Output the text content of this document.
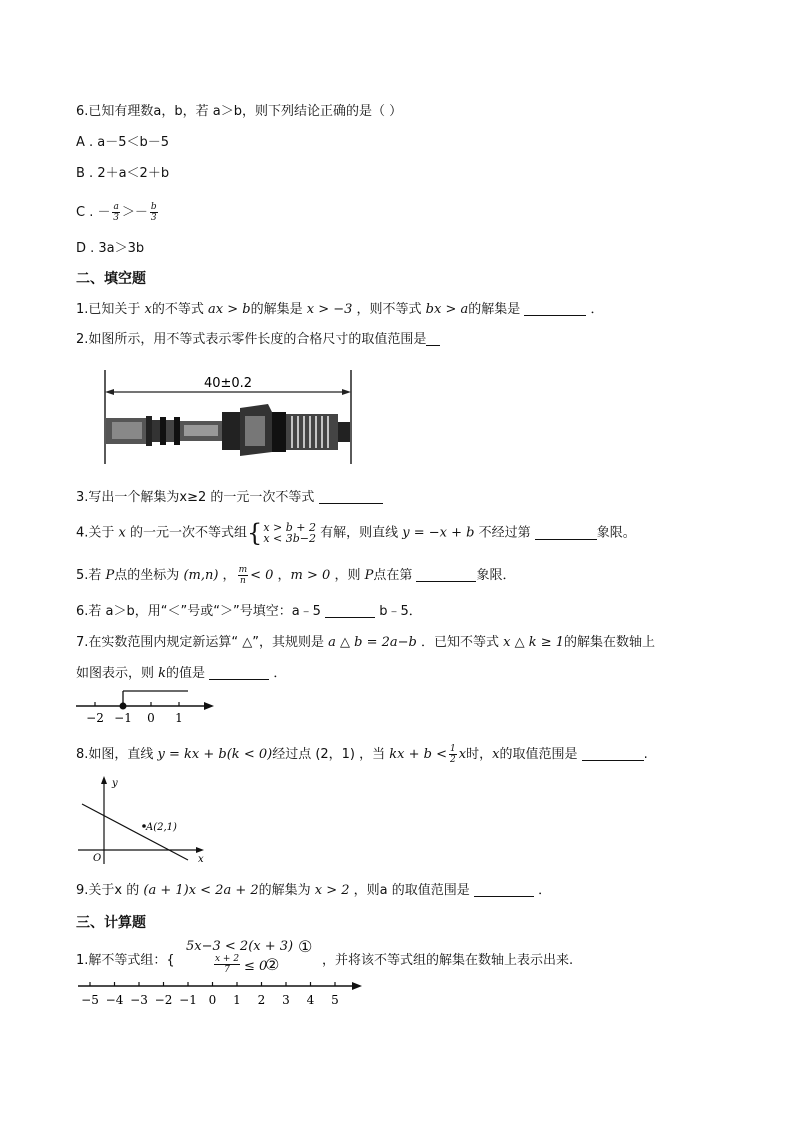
6.已知有理数a，b，若 a＞b，则下列结论正确的是（ ）
A . a－5＜b－5
B . 2＋a＜2＋b
C . － $\frac{a}{3} >- \frac{b}{3}$
D . 3a＞3b
二、填空题
1.已知关于 x的不等式 ax > b的解集是 x > −3 ，则不等式 bx > a的解集是	．
2.如图所示，用不等式表示零件长度的合格尺寸的取值范围是
40±0.2
3.写出一个解集为x≥2 的一元一次不等式
4.关于 x 的一元一次不等式组{ x > b + 2
x < 3b−2 有解，则直线 y = −x + b 不经过第	象限。
5.若 P点的坐标为 (m,n) ， $\frac{m}{n} < 0$ ，m > 0 ，则 P点在第	象限．
6.若 a＞b，用“＜”号或“＞”号填空：a﹣5	b﹣5．
7.在实数范围内规定新运算“ △”，其规则是 a △ b = 2a−b ．已知不等式 x △ k ≥ 1的解集在数轴上
如图表示，则 k的值是	．
−2 −1 0 1
8.如图，直线 y = kx + b(k < 0)经过点 (2，1) ，当 kx + $b < \frac{1}{2}$ x时，x的取值范围是	.
y
x
O
A(2,1)
9.关于x 的 (a + 1)x < 2a + 2的解集为 x > 2 ，则a 的取值范围是	．
三、计算题
1.解不等式组：{
5x−3 < 2(x + 3) ①
$\frac{x + 2}{7} \le 0$
②	，并将该不等式组的解集在数轴上表示出来.
−5 −4 −3 −2 −1 0 1 2 3 4 5
